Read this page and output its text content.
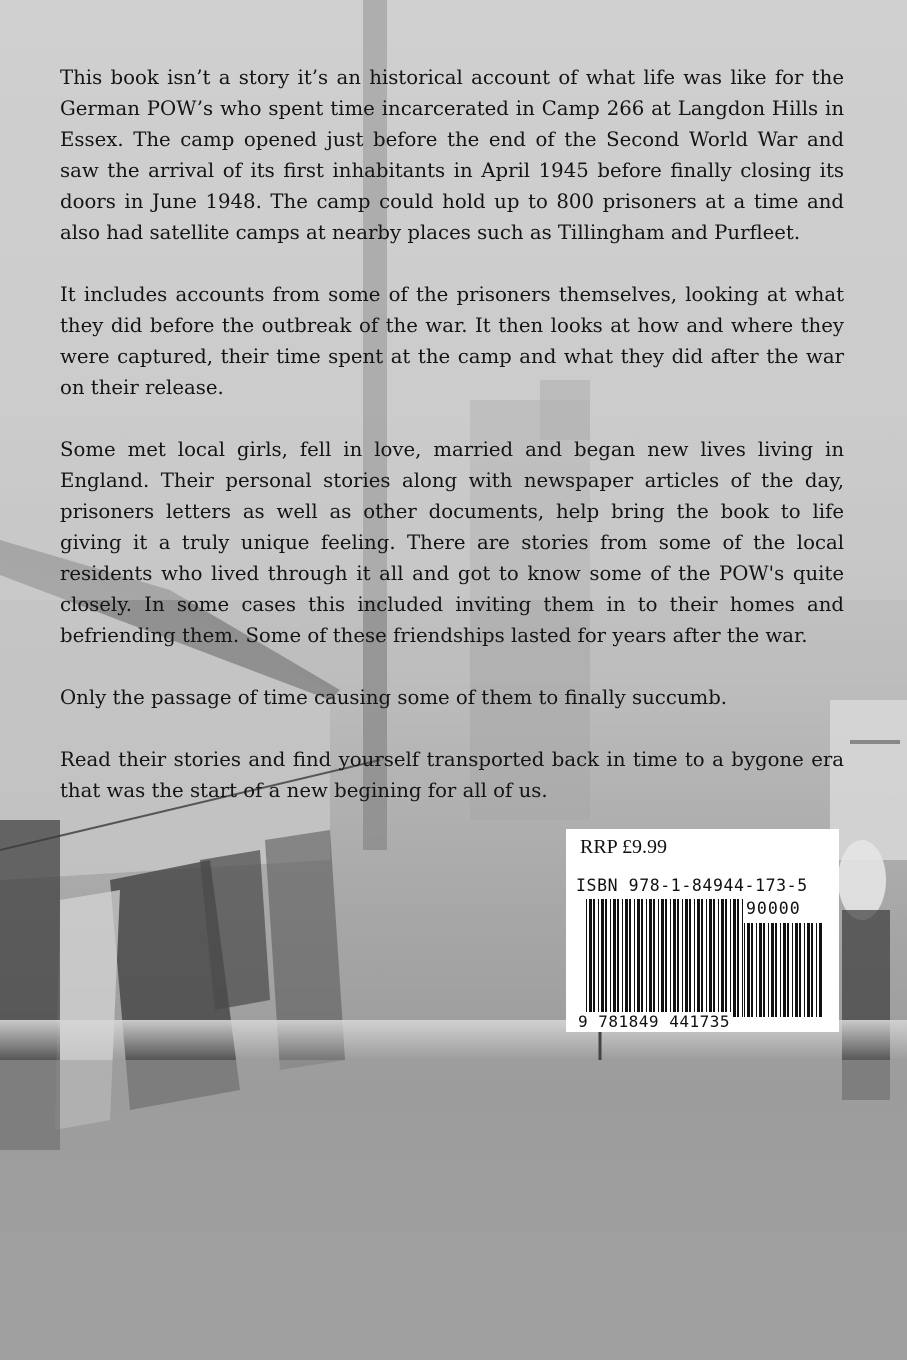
This book isn’t a story it’s an historical account of what life was like for the German POW’s who spent time incarcerated in Camp 266 at Langdon Hills in Essex. The camp opened just before the end of the Second World War and saw the arrival of its first inhabitants in April 1945 before finally closing its doors in June 1948. The camp could hold up to 800 prisoners at a time and also had satellite camps at nearby places such as Tillingham and Purfleet.

It includes accounts from some of the prisoners themselves, looking at what they did before the outbreak of the war. It then looks at how and where they were captured, their time spent at the camp and what they did after the war on their release.

Some met local girls, fell in love, married and began new lives living in England. Their personal stories along with newspaper articles of the day, prisoners letters as well as other documents, help bring the book to life giving it a truly unique feeling. There are stories from some of the local residents who lived through it all and got to know some of the POW's quite closely. In some cases this included inviting them in to their homes and befriending them. Some of these friendships lasted for years after the war.

Only the passage of time causing some of them to finally succumb.

Read their stories and find yourself transported back in time to a bygone era that was the start of a new begining for all of us.

RRP £9.99
ISBN 978-1-84944-173-5
90000
9 781849 441735
